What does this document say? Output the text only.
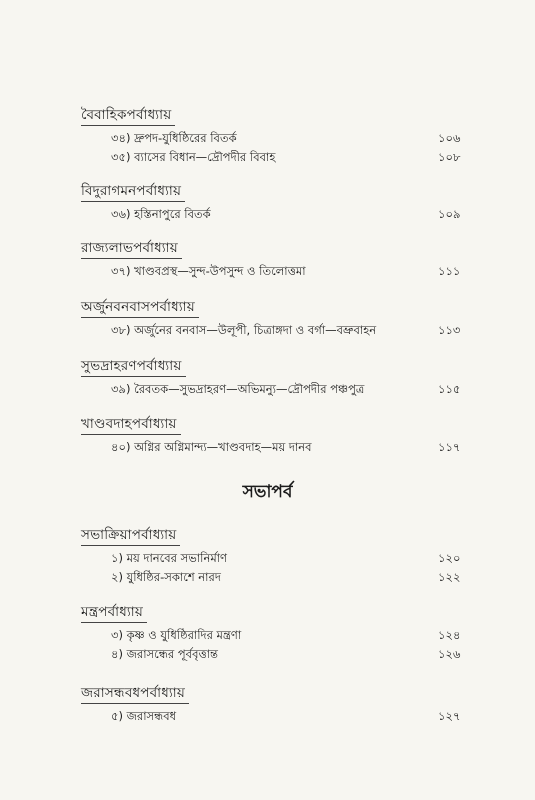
বৈবাহিকপর্বাধ্যায়
৩৪) দ্রুপদ-যুধিষ্ঠিরের বিতর্ক	১০৬
৩৫) ব্যাসের বিধান—দ্রৌপদীর বিবাহ	১০৮
বিদুরাগমনপর্বাধ্যায়
৩৬) হস্তিনাপুরে বিতর্ক	১০৯
রাজ্যলাভপর্বাধ্যায়
৩৭) খাণ্ডবপ্রস্থ—সুন্দ-উপসুন্দ ও তিলোত্তমা	১১১
অর্জুনবনবাসপর্বাধ্যায়
৩৮) অর্জুনের বনবাস—উলূপী, চিত্রাঙ্গদা ও বর্গা—বভ্রুবাহন	১১৩
সুভদ্রাহরণপর্বাধ্যায়
৩৯) রৈবতক—সুভদ্রাহরণ—অভিমন্যু—দ্রৌপদীর পঞ্চপুত্র	১১৫
খাণ্ডবদাহপর্বাধ্যায়
৪০) অগ্নির অগ্নিমান্দ্য—খাণ্ডবদাহ—ময় দানব	১১৭
সভাপর্ব
সভাক্রিয়াপর্বাধ্যায়
১) ময় দানবের সভানির্মাণ	১২০
২) যুধিষ্ঠির-সকাশে নারদ	১২২
মন্ত্রপর্বাধ্যায়
৩) কৃষ্ণ ও যুধিষ্ঠিরাদির মন্ত্রণা	১২৪
৪) জরাসন্ধের পূর্ববৃত্তান্ত	১২৬
জরাসন্ধবধপর্বাধ্যায়
৫) জরাসন্ধবধ	১২৭
